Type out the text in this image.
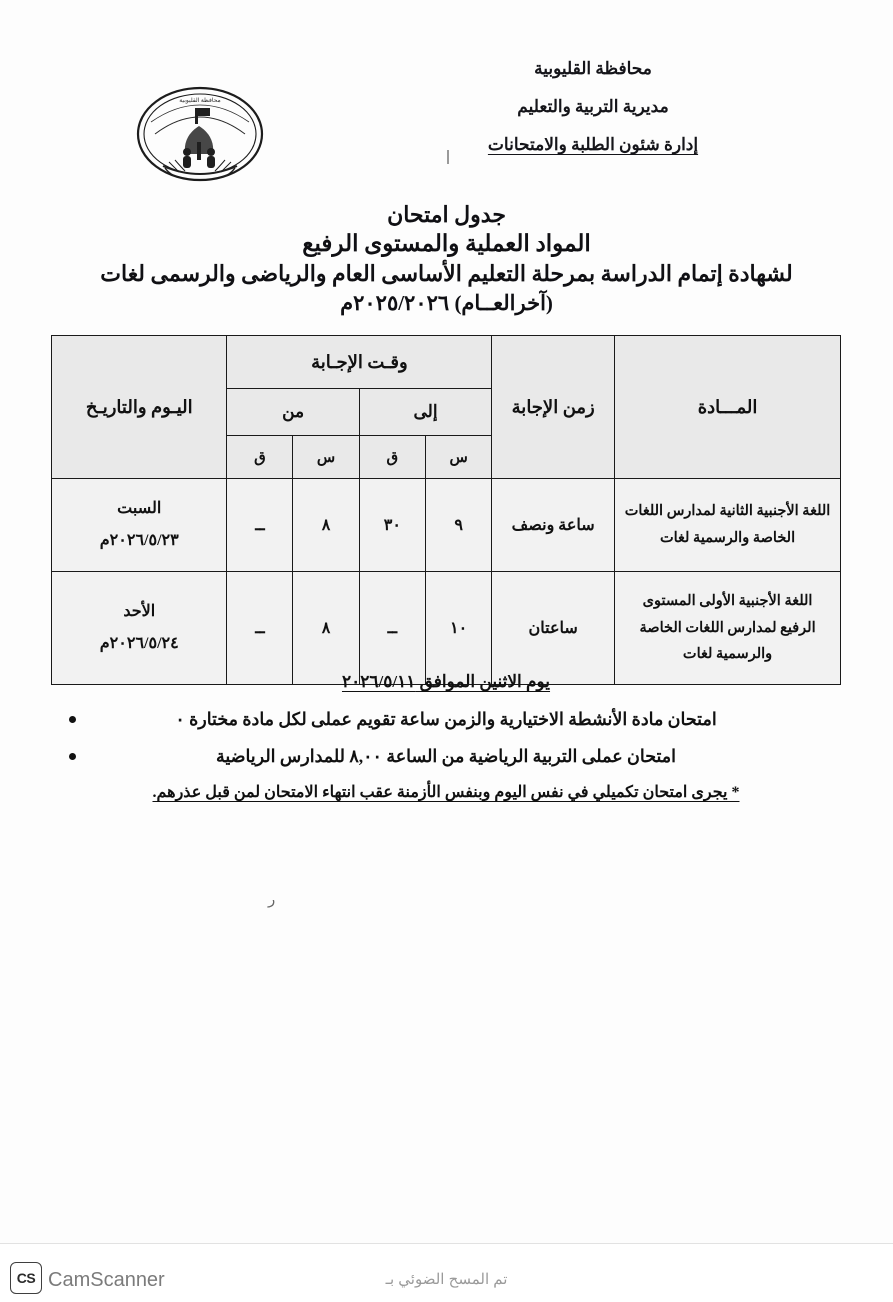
محافظة القليوبية
محافظة القليوبية
مديرية التربية والتعليم
إدارة شئون الطلبة والامتحانات
جدول امتحان
المواد العملية والمستوى الرفيع
لشهادة إتمام الدراسة بمرحلة التعليم الأساسى العام والرياضى والرسمى لغات
(آخرالعــام) ٢٠٢٥/٢٠٢٦م
المـــادة	زمن الإجابة	وقـت الإجـابة				اليـوم والتاريـخ
		إلى		من		
		س	ق	س	ق	
اللغة الأجنبية الثانية لمدارس اللغات الخاصة والرسمية لغات	ساعة ونصف	٩	٣٠	٨	ــ	السبت
٢٠٢٦/٥/٢٣م

اللغة الأجنبية الأولى المستوى الرفيع لمدارس اللغات الخاصة والرسمية لغات	ساعتان	١٠	ــ	٨	ــ	الأحد
٢٠٢٦/٥/٢٤م
يوم الاثنين الموافق ٢٠٢٦/٥/١١
امتحان مادة الأنشطة الاختيارية والزمن ساعة تقويم عملى لكل مادة مختارة ٠
امتحان عملى التربية الرياضية من الساعة ٨,٠٠ للمدارس الرياضية
* يجرى امتحان تكميلي في نفس اليوم وبنفس الأزمنة عقب انتهاء الامتحان لمن قبل عذرهم.
ر
CS CamScanner	تم المسح الضوئي بـ
